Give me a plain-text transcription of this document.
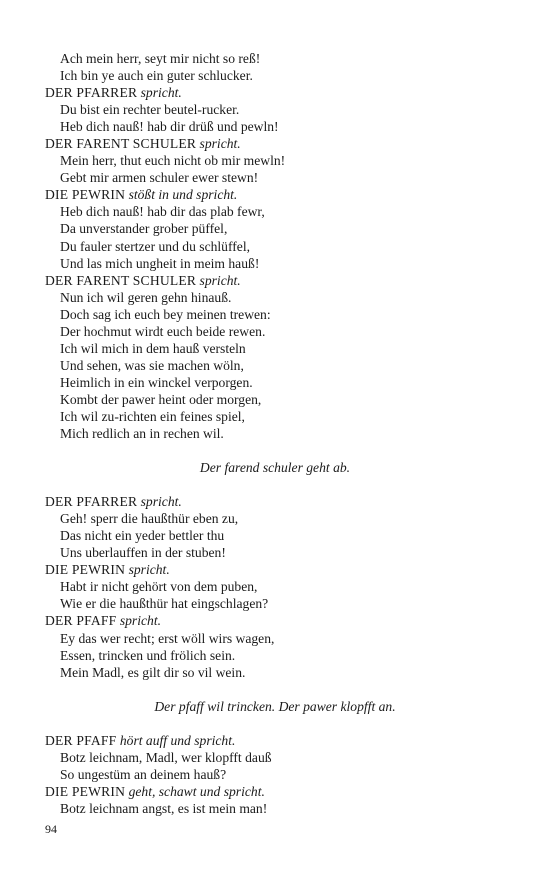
Ach mein herr, seyt mir nicht so reß!
Ich bin ye auch ein guter schlucker.
DER PFARRER spricht.
Du bist ein rechter beutel-rucker.
Heb dich nauß! hab dir drüß und pewln!
DER FARENT SCHULER spricht.
Mein herr, thut euch nicht ob mir mewln!
Gebt mir armen schuler ewer stewn!
DIE PEWRIN stößt in und spricht.
Heb dich nauß! hab dir das plab fewr,
Da unverstander grober püffel,
Du fauler stertzer und du schlüffel,
Und las mich ungheit in meim hauß!
DER FARENT SCHULER spricht.
Nun ich wil geren gehn hinauß.
Doch sag ich euch bey meinen trewen:
Der hochmut wirdt euch beide rewen.
Ich wil mich in dem hauß versteln
Und sehen, was sie machen wöln,
Heimlich in ein winckel verporgen.
Kombt der pawer heint oder morgen,
Ich wil zu-richten ein feines spiel,
Mich redlich an in rechen wil.
Der farend schuler geht ab.
DER PFARRER spricht.
Geh! sperr die haußthür eben zu,
Das nicht ein yeder bettler thu
Uns uberlauffen in der stuben!
DIE PEWRIN spricht.
Habt ir nicht gehört von dem puben,
Wie er die haußthür hat eingschlagen?
DER PFAFF spricht.
Ey das wer recht; erst wöll wirs wagen,
Essen, trincken und frölich sein.
Mein Madl, es gilt dir so vil wein.
Der pfaff wil trincken. Der pawer klopfft an.
DER PFAFF hört auff und spricht.
Botz leichnam, Madl, wer klopfft dauß
So ungestüm an deinem hauß?
DIE PEWRIN geht, schawt und spricht.
Botz leichnam angst, es ist mein man!
94
